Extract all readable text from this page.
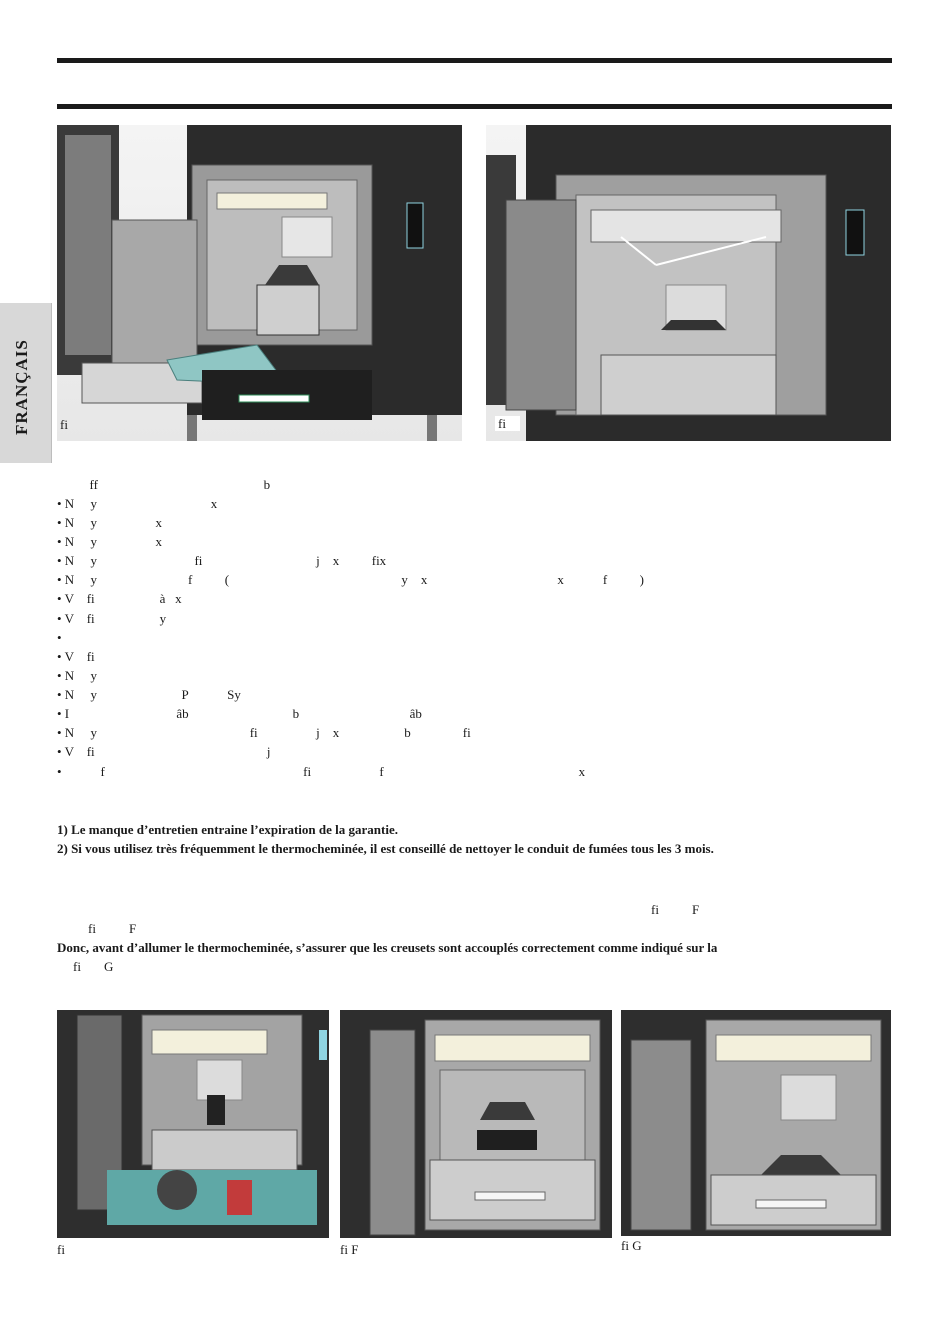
FRANÇAIS fi	fi
ff                                                   b
• N     y                                   x
• N     y                  x
• N     y                  x
• N     y                              fi                                   j    x          fix
• N     y                            f          (                                                     y    x                                        x            f          )
• V    fi                    à   x
• V    fi                    y
•
• V    fi
• N     y
• N     y                          P            Sy
• I                                 âb                                b                                  âb
• N     y                                               fi                  j    x                    b                fi
• V    fi                                                     j
•            f                                                             fi                     f                                                            x
1) Le manque d’entretien entraine l’expiration de la garantie.
2) Si vous utilisez très fréquemment le thermocheminée, il est conseillé de nettoyer le conduit de fumées tous les 3 mois.
fi	F
fi	F
Donc, avant d’allumer le thermocheminée, s’assurer que les creusets sont accouplés correctement comme indiqué sur la
fi G
fi	fi F	fi G
